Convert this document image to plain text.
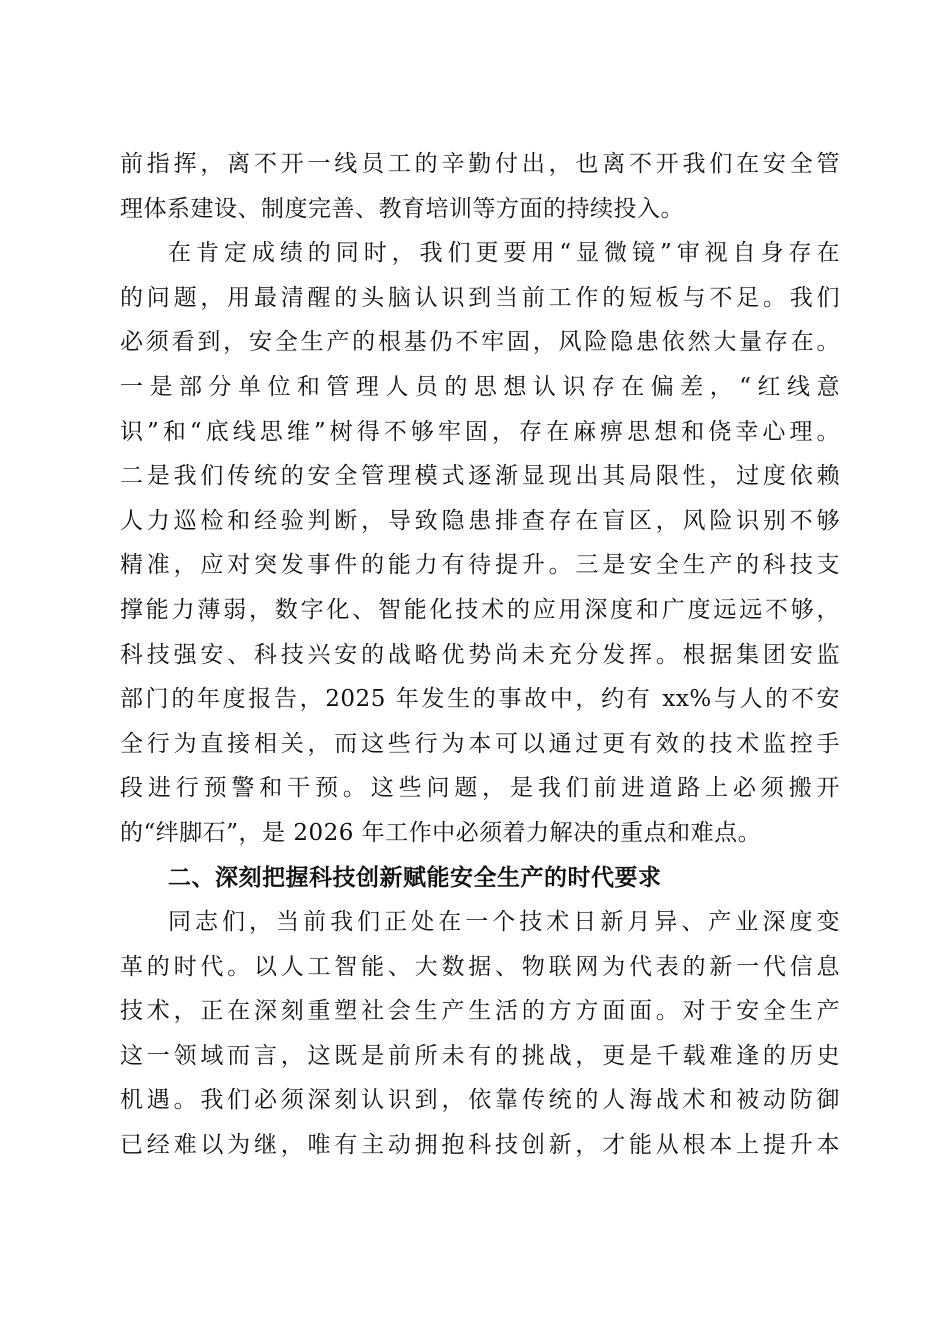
前指挥，离不开一线员工的辛勤付出，也离不开我们在安全管
理体系建设、制度完善、教育培训等方面的持续投入。
在肯定成绩的同时，我们更要用“显微镜”审视自身存在
的问题，用最清醒的头脑认识到当前工作的短板与不足。我们
必须看到，安全生产的根基仍不牢固，风险隐患依然大量存在。
一是部分单位和管理人员的思想认识存在偏差，“红线意
识”和“底线思维”树得不够牢固，存在麻痹思想和侥幸心理。
二是我们传统的安全管理模式逐渐显现出其局限性，过度依赖
人力巡检和经验判断，导致隐患排查存在盲区，风险识别不够
精准，应对突发事件的能力有待提升。三是安全生产的科技支
撑能力薄弱，数字化、智能化技术的应用深度和广度远远不够，
科技强安、科技兴安的战略优势尚未充分发挥。根据集团安监
部门的年度报告，2025 年发生的事故中，约有 xx%与人的不安
全行为直接相关，而这些行为本可以通过更有效的技术监控手
段进行预警和干预。这些问题，是我们前进道路上必须搬开
的“绊脚石”，是 2026 年工作中必须着力解决的重点和难点。
二、深刻把握科技创新赋能安全生产的时代要求
同志们，当前我们正处在一个技术日新月异、产业深度变
革的时代。以人工智能、大数据、物联网为代表的新一代信息
技术，正在深刻重塑社会生产生活的方方面面。对于安全生产
这一领域而言，这既是前所未有的挑战，更是千载难逢的历史
机遇。我们必须深刻认识到，依靠传统的人海战术和被动防御
已经难以为继，唯有主动拥抱科技创新，才能从根本上提升本
